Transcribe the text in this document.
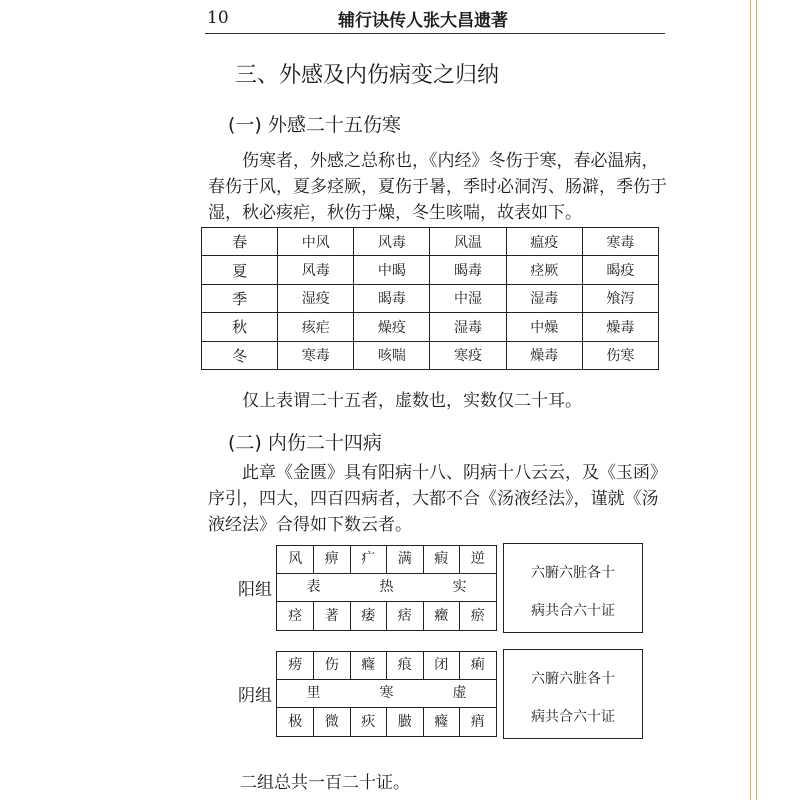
10	辅行诀传人张大昌遗著
三、外感及内伤病变之归纳
(一) 外感二十五伤寒
伤寒者，外感之总称也，《内经》冬伤于寒，春必温病，
春伤于风，夏多痉厥，夏伤于暑，季时必洞泻、肠澼，季伤于
湿，秋必痎疟，秋伤于燥，冬生咳喘，故表如下。
春	中风	风毒	风温	瘟疫	寒毒
夏	风毒	中暍	暍毒	痉厥	暍疫
季	湿疫	暍毒	中湿	湿毒	飧泻
秋	痎疟	燥疫	湿毒	中燥	燥毒
冬	寒毒	咳喘	寒疫	燥毒	伤寒
仅上表谓二十五者，虚数也，实数仅二十耳。
(二) 内伤二十四病
此章《金匮》具有阳病十八、阴病十八云云，及《玉函》
序引，四大，四百四病者，大都不合《汤液经法》，谨就《汤
液经法》合得如下数云者。
阳组
风	痹	疒	满	瘕	逆
表	热	实
痉	著	痿	痞	癥	瘀
六腑六脏各十
病共合六十证
阴组
痨	伤	癃	痕	闭	痢
里	寒	虚
极	微	疢	臌	癃	痟
六腑六脏各十
病共合六十证
二组总共一百二十证。
